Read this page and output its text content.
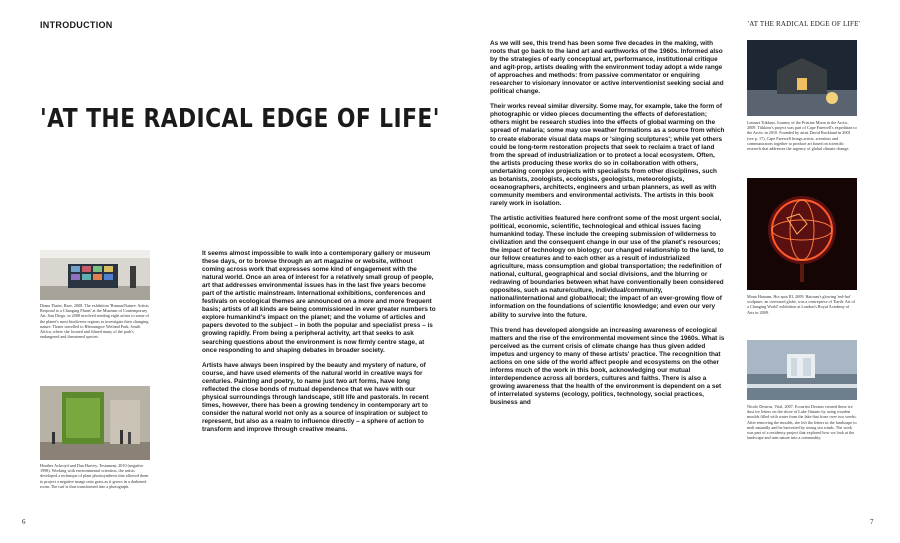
INTRODUCTION	'AT THE RADICAL EDGE OF LIFE'
'AT THE RADICAL EDGE OF LIFE'
Diana Thater, Rare, 2008. The exhibition 'Human/Nature: Artists Respond to a Changing Planet' at the Museum of Contemporary Art, San Diego, in 2008 involved sending eight artists to some of the planet's most biodiverse regions to investigate their changing nature. Thater travelled to Hlemungwe Wetland Park, South Africa, where she located and filmed many of the park's endangered and threatened species.
Heather Ackroyd and Dan Harvey, Testament, 2010 (negative 1998). Working with environmental scientists, the artists developed a technique of plant photosynthesis that allowed them to project a negative image onto grass as it grows in a darkened room. The turf is thus transformed into a photograph.

It seems almost impossible to walk into a contemporary gallery or museum these days, or to browse through an art magazine or website, without coming across work that expresses some kind of engagement with the natural world. Once an area of interest for a relatively small group of people, art that addresses environmental issues has in the last five years become part of the artistic mainstream. International exhibitions, conferences and festivals on ecological themes are announced on a more and more frequent basis; artists of all kinds are being commissioned in ever greater numbers to explore humankind's impact on the planet; and the volume of articles and papers devoted to the subject – in both the popular and specialist press – is growing rapidly. From being a peripheral activity, art that seeks to ask searching questions about the environment is now firmly centre stage, at once responding to and shaping debates in broader society.

Artists have always been inspired by the beauty and mystery of nature, of course, and have used elements of the natural world in creative ways for centuries. Painting and poetry, to name just two art forms, have long reflected the close bonds of mutual dependence that we have with our physical surroundings through landscape, still life and pastorals. In recent times, however, there has been a growing tendency in contemporary art to consider the natural world not only as a source of inspiration or subject to represent, but also as a realm to influence directly – a sphere of action to transform and improve through creative means.

As we will see, this trend has been some five decades in the making, with roots that go back to the land art and earthworks of the 1960s. Informed also by the strategies of early conceptual art, performance, institutional critique and agit-prop, artists dealing with the environment today adopt a wide range of approaches and methods: from passive commentator or enquiring researcher to visionary innovator or active interventionist seeking social and political change.

Their works reveal similar diversity. Some may, for example, take the form of photographic or video pieces documenting the effects of deforestation; others might be research studies into the effects of global warming on the spread of malaria; some may use weather formations as a source from which to create elaborate visual data maps or 'singing sculptures'; while yet others could be long-term restoration projects that seek to reclaim a tract of land from the spread of industrialization or to protect a local ecosystem. Often, the artists producing these works do so in collaboration with others, undertaking complex projects with specialists from other disciplines, such as botanists, zoologists, ecologists, geologists, meteorologists, oceanographers, architects, engineers and urban planners, as well as with community members and environmental activists. The artists in this book rarely work in isolation.

The artistic activities featured here confront some of the most urgent social, political, economic, scientific, technological and ethical issues facing humankind today. These include the creeping submission of wilderness to civilization and the consequent change in our use of the planet's resources; the impact of technology on biology; our changed relationship to the land, to our fellow creatures and to each other as a result of industrialized agriculture, mass consumption and global transportation; the redefinition of national, cultural, geographical and social divisions, and the blurring or redrawing of boundaries between what have conventionally been considered opposites, such as nature/culture, individual/community, national/international and global/local; the impact of an ever-growing flow of information on the foundations of scientific knowledge; and even our very ability to survive into the future.

This trend has developed alongside an increasing awareness of ecological matters and the rise of the environmental movement since the 1960s. What is perceived as the current crisis of climate change has thus given added impetus and urgency to many of these artists' practice. The recognition that actions on one side of the world affect people and ecosystems on the other informs much of the work in this book, acknowledging our mutual interdependence across all borders, cultures and faiths. There is also a growing awareness that the health of the environment is dependent on a set of interrelated systems (ecology, politics, technology, social practices, business and

Lennart Tiikkins, Journey of the Pristine Moon in the Arctic, 2009. Tiikkins's project was part of Cape Farewell's expedition to the Arctic in 2010. Founded by artist David Buckland in 2001 (see p. 17), Cape Farewell brings artists, scientists and communicators together to produce art based on scientific research that addresses the urgency of global climate change.
Mona Hatoum, Hot spot III, 2009. Hatoum's glowing 'red-hot' sculpture, an oversized globe, was a centrepiece of 'Earth: Art of a Changing World' exhibition at London's Royal Academy of Arts in 2009.
Nicole Dextras, Vital, 2007. Ecoartist Dextras created these ice dust ice letters on the shore of Lake Ontario by using wooden moulds filled with water from the lake that froze over two weeks. After removing the moulds, she left the letters in the landscape to melt naturally and be harvested by strong sea winds. The work was part of a residency project that explored how we look at the landscape and turn nature into a commodity.
6	7
